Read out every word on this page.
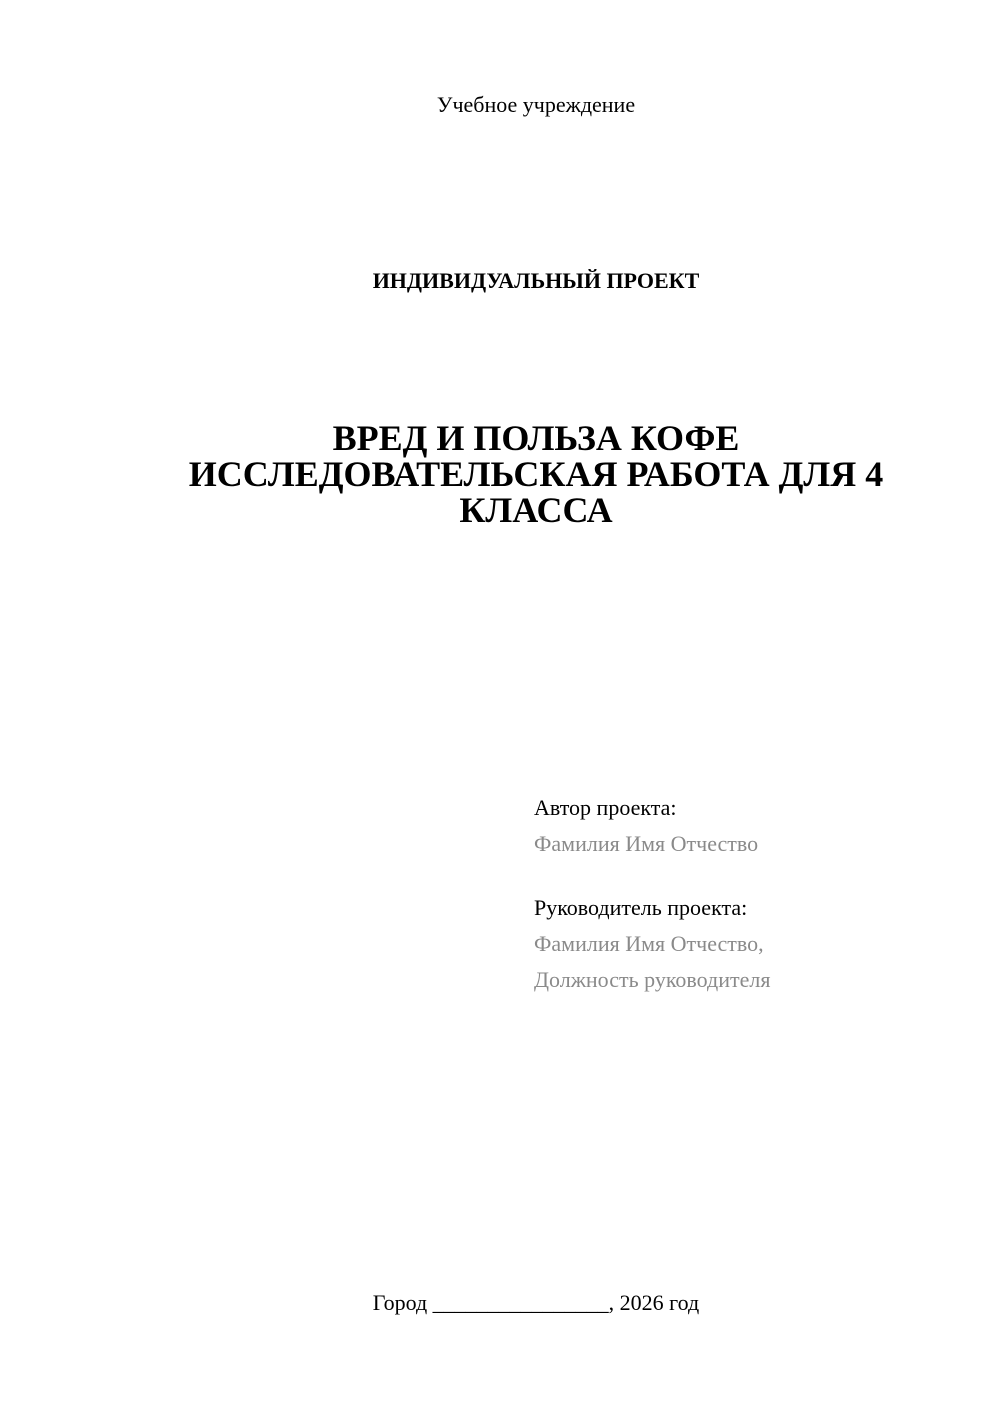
Учебное учреждение
ИНДИВИДУАЛЬНЫЙ ПРОЕКТ
ВРЕД И ПОЛЬЗА КОФЕ
ИССЛЕДОВАТЕЛЬСКАЯ РАБОТА ДЛЯ 4
КЛАССА
Автор проекта:
Фамилия Имя Отчество
Руководитель проекта:
Фамилия Имя Отчество,
Должность руководителя
Город ________________, 2026 год
